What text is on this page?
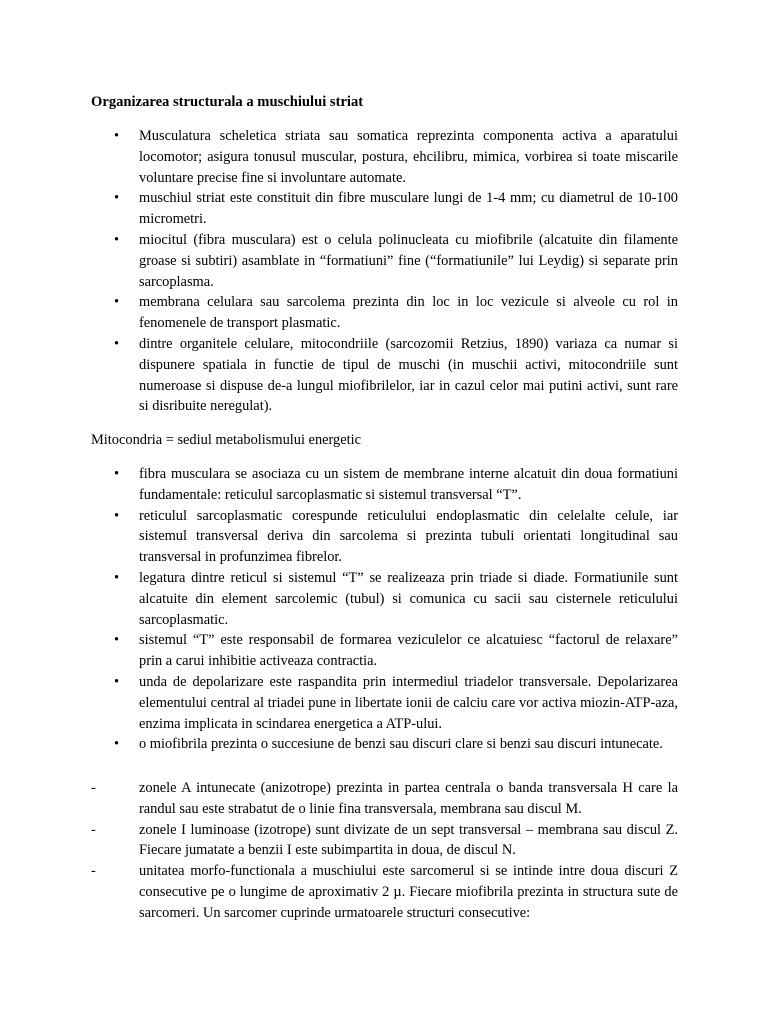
Organizarea structurala a muschiului striat
• Musculatura scheletica striata sau somatica reprezinta componenta activa a aparatului locomotor; asigura tonusul muscular, postura, ehcilibru, mimica, vorbirea si toate miscarile voluntare precise fine si involuntare automate.
• muschiul striat este constituit din fibre musculare lungi de 1-4 mm; cu diametrul de 10-100 micrometri.
• miocitul (fibra musculara) est o celula polinucleata cu miofibrile (alcatuite din filamente groase si subtiri) asamblate in “formatiuni” fine (“formatiunile” lui Leydig) si separate prin sarcoplasma.
• membrana celulara sau sarcolema prezinta din loc in loc vezicule si alveole cu rol in fenomenele de transport plasmatic.
• dintre organitele celulare, mitocondriile (sarcozomii Retzius, 1890) variaza ca numar si dispunere spatiala in functie de tipul de muschi (in muschii activi, mitocondriile sunt numeroase si dispuse de-a lungul miofibrilelor, iar in cazul celor mai putini activi, sunt rare si disribuite neregulat).

Mitocondria = sediul metabolismului energetic

• fibra musculara se asociaza cu un sistem de membrane interne alcatuit din doua formatiuni fundamentale: reticulul sarcoplasmatic si sistemul transversal “T”.
• reticulul sarcoplasmatic corespunde reticulului endoplasmatic din celelalte celule, iar sistemul transversal deriva din sarcolema si prezinta tubuli orientati longitudinal sau transversal in profunzimea fibrelor.
• legatura dintre reticul si sistemul “T” se realizeaza prin triade si diade. Formatiunile sunt alcatuite din element sarcolemic (tubul) si comunica cu sacii sau cisternele reticulului sarcoplasmatic.
• sistemul “T” este responsabil de formarea veziculelor ce alcatuiesc “factorul de relaxare” prin a carui inhibitie activeaza contractia.
• unda de depolarizare este raspandita prin intermediul triadelor transversale. Depolarizarea elementului central al triadei pune in libertate ionii de calciu care vor activa miozin-ATP-aza, enzima implicata in scindarea energetica a ATP-ului.
• o miofibrila prezinta o succesiune de benzi sau discuri clare si benzi sau discuri intunecate.
-	zonele A intunecate (anizotrope) prezinta in partea centrala o banda transversala H care la randul sau este strabatut de o linie fina transversala, membrana sau discul M.
-	zonele I luminoase (izotrope) sunt divizate de un sept transversal – membrana sau discul Z. Fiecare jumatate a benzii I este subimpartita in doua, de discul N.
-	unitatea morfo-functionala a muschiului este sarcomerul si se intinde intre doua discuri Z consecutive pe o lungime de aproximativ 2 µ. Fiecare miofibrila prezinta in structura sute de sarcomeri. Un sarcomer cuprinde urmatoarele structuri consecutive:
